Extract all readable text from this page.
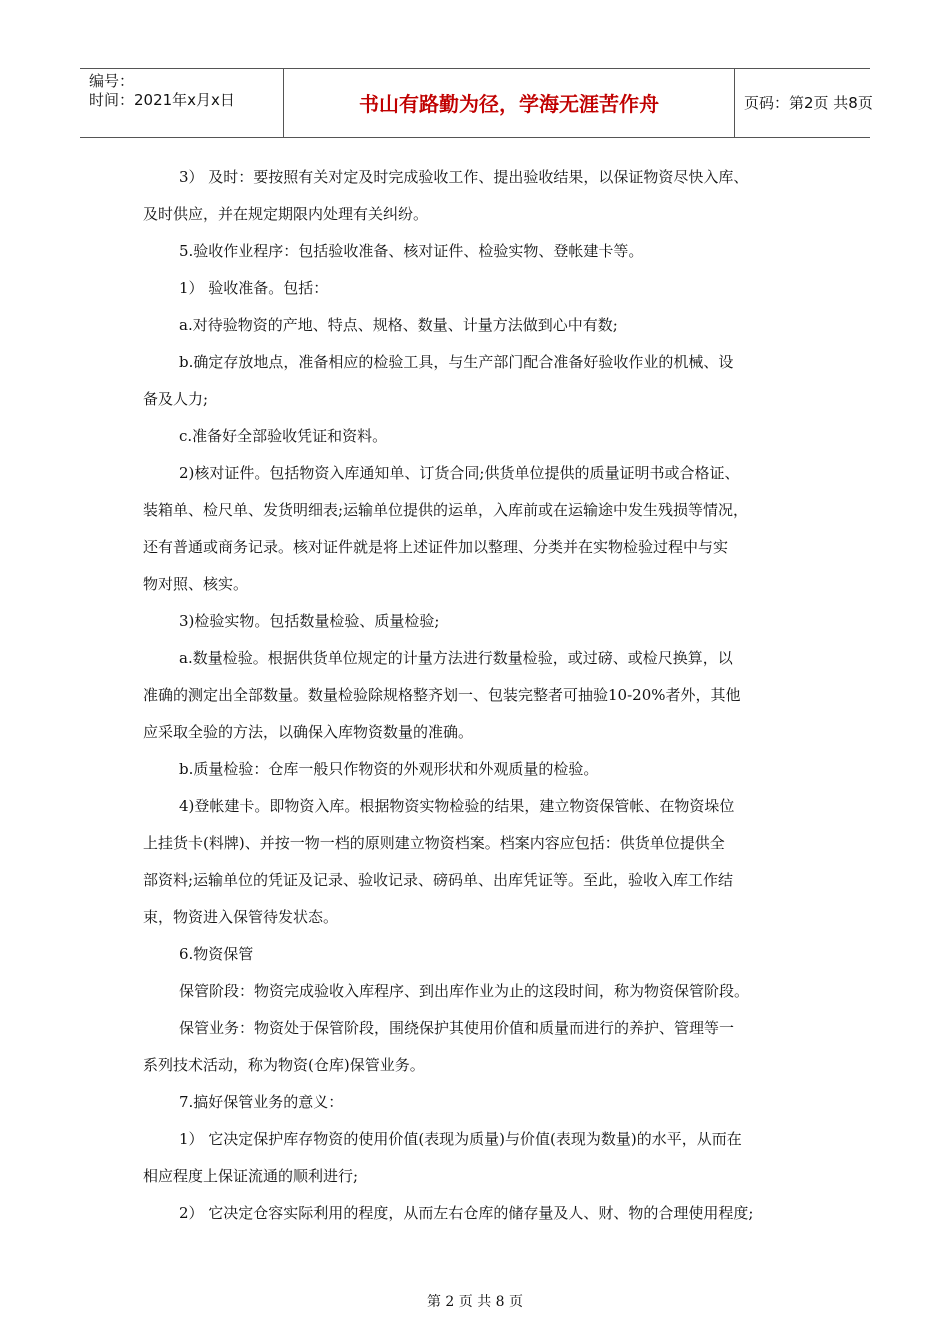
编号：
时间：2021年x月x日	书山有路勤为径，学海无涯苦作舟	页码：第2页 共8页

3） 及时：要按照有关对定及时完成验收工作、提出验收结果，以保证物资尽快入库、

及时供应，并在规定期限内处理有关纠纷。

5.验收作业程序：包括验收准备、核对证件、检验实物、登帐建卡等。

1） 验收准备。包括：

a.对待验物资的产地、特点、规格、数量、计量方法做到心中有数;

b.确定存放地点，准备相应的检验工具，与生产部门配合准备好验收作业的机械、设

备及人力;

c.准备好全部验收凭证和资料。

2)核对证件。包括物资入库通知单、订货合同;供货单位提供的质量证明书或合格证、

装箱单、检尺单、发货明细表;运输单位提供的运单，入库前或在运输途中发生残损等情况，

还有普通或商务记录。核对证件就是将上述证件加以整理、分类并在实物检验过程中与实

物对照、核实。

3)检验实物。包括数量检验、质量检验;

a.数量检验。根据供货单位规定的计量方法进行数量检验，或过磅、或检尺换算，以

准确的测定出全部数量。数量检验除规格整齐划一、包装完整者可抽验10-20%者外，其他

应采取全验的方法，以确保入库物资数量的准确。

b.质量检验：仓库一般只作物资的外观形状和外观质量的检验。

4)登帐建卡。即物资入库。根据物资实物检验的结果，建立物资保管帐、在物资垛位

上挂货卡(料牌)、并按一物一档的原则建立物资档案。档案内容应包括：供货单位提供全

部资料;运输单位的凭证及记录、验收记录、磅码单、出库凭证等。至此，验收入库工作结

束，物资进入保管待发状态。

6.物资保管

保管阶段：物资完成验收入库程序、到出库作业为止的这段时间，称为物资保管阶段。

保管业务：物资处于保管阶段，围绕保护其使用价值和质量而进行的养护、管理等一

系列技术活动，称为物资(仓库)保管业务。

7.搞好保管业务的意义：

1） 它决定保护库存物资的使用价值(表现为质量)与价值(表现为数量)的水平，从而在

相应程度上保证流通的顺利进行;

2） 它决定仓容实际利用的程度，从而左右仓库的储存量及人、财、物的合理使用程度;

第 2 页 共 8 页
